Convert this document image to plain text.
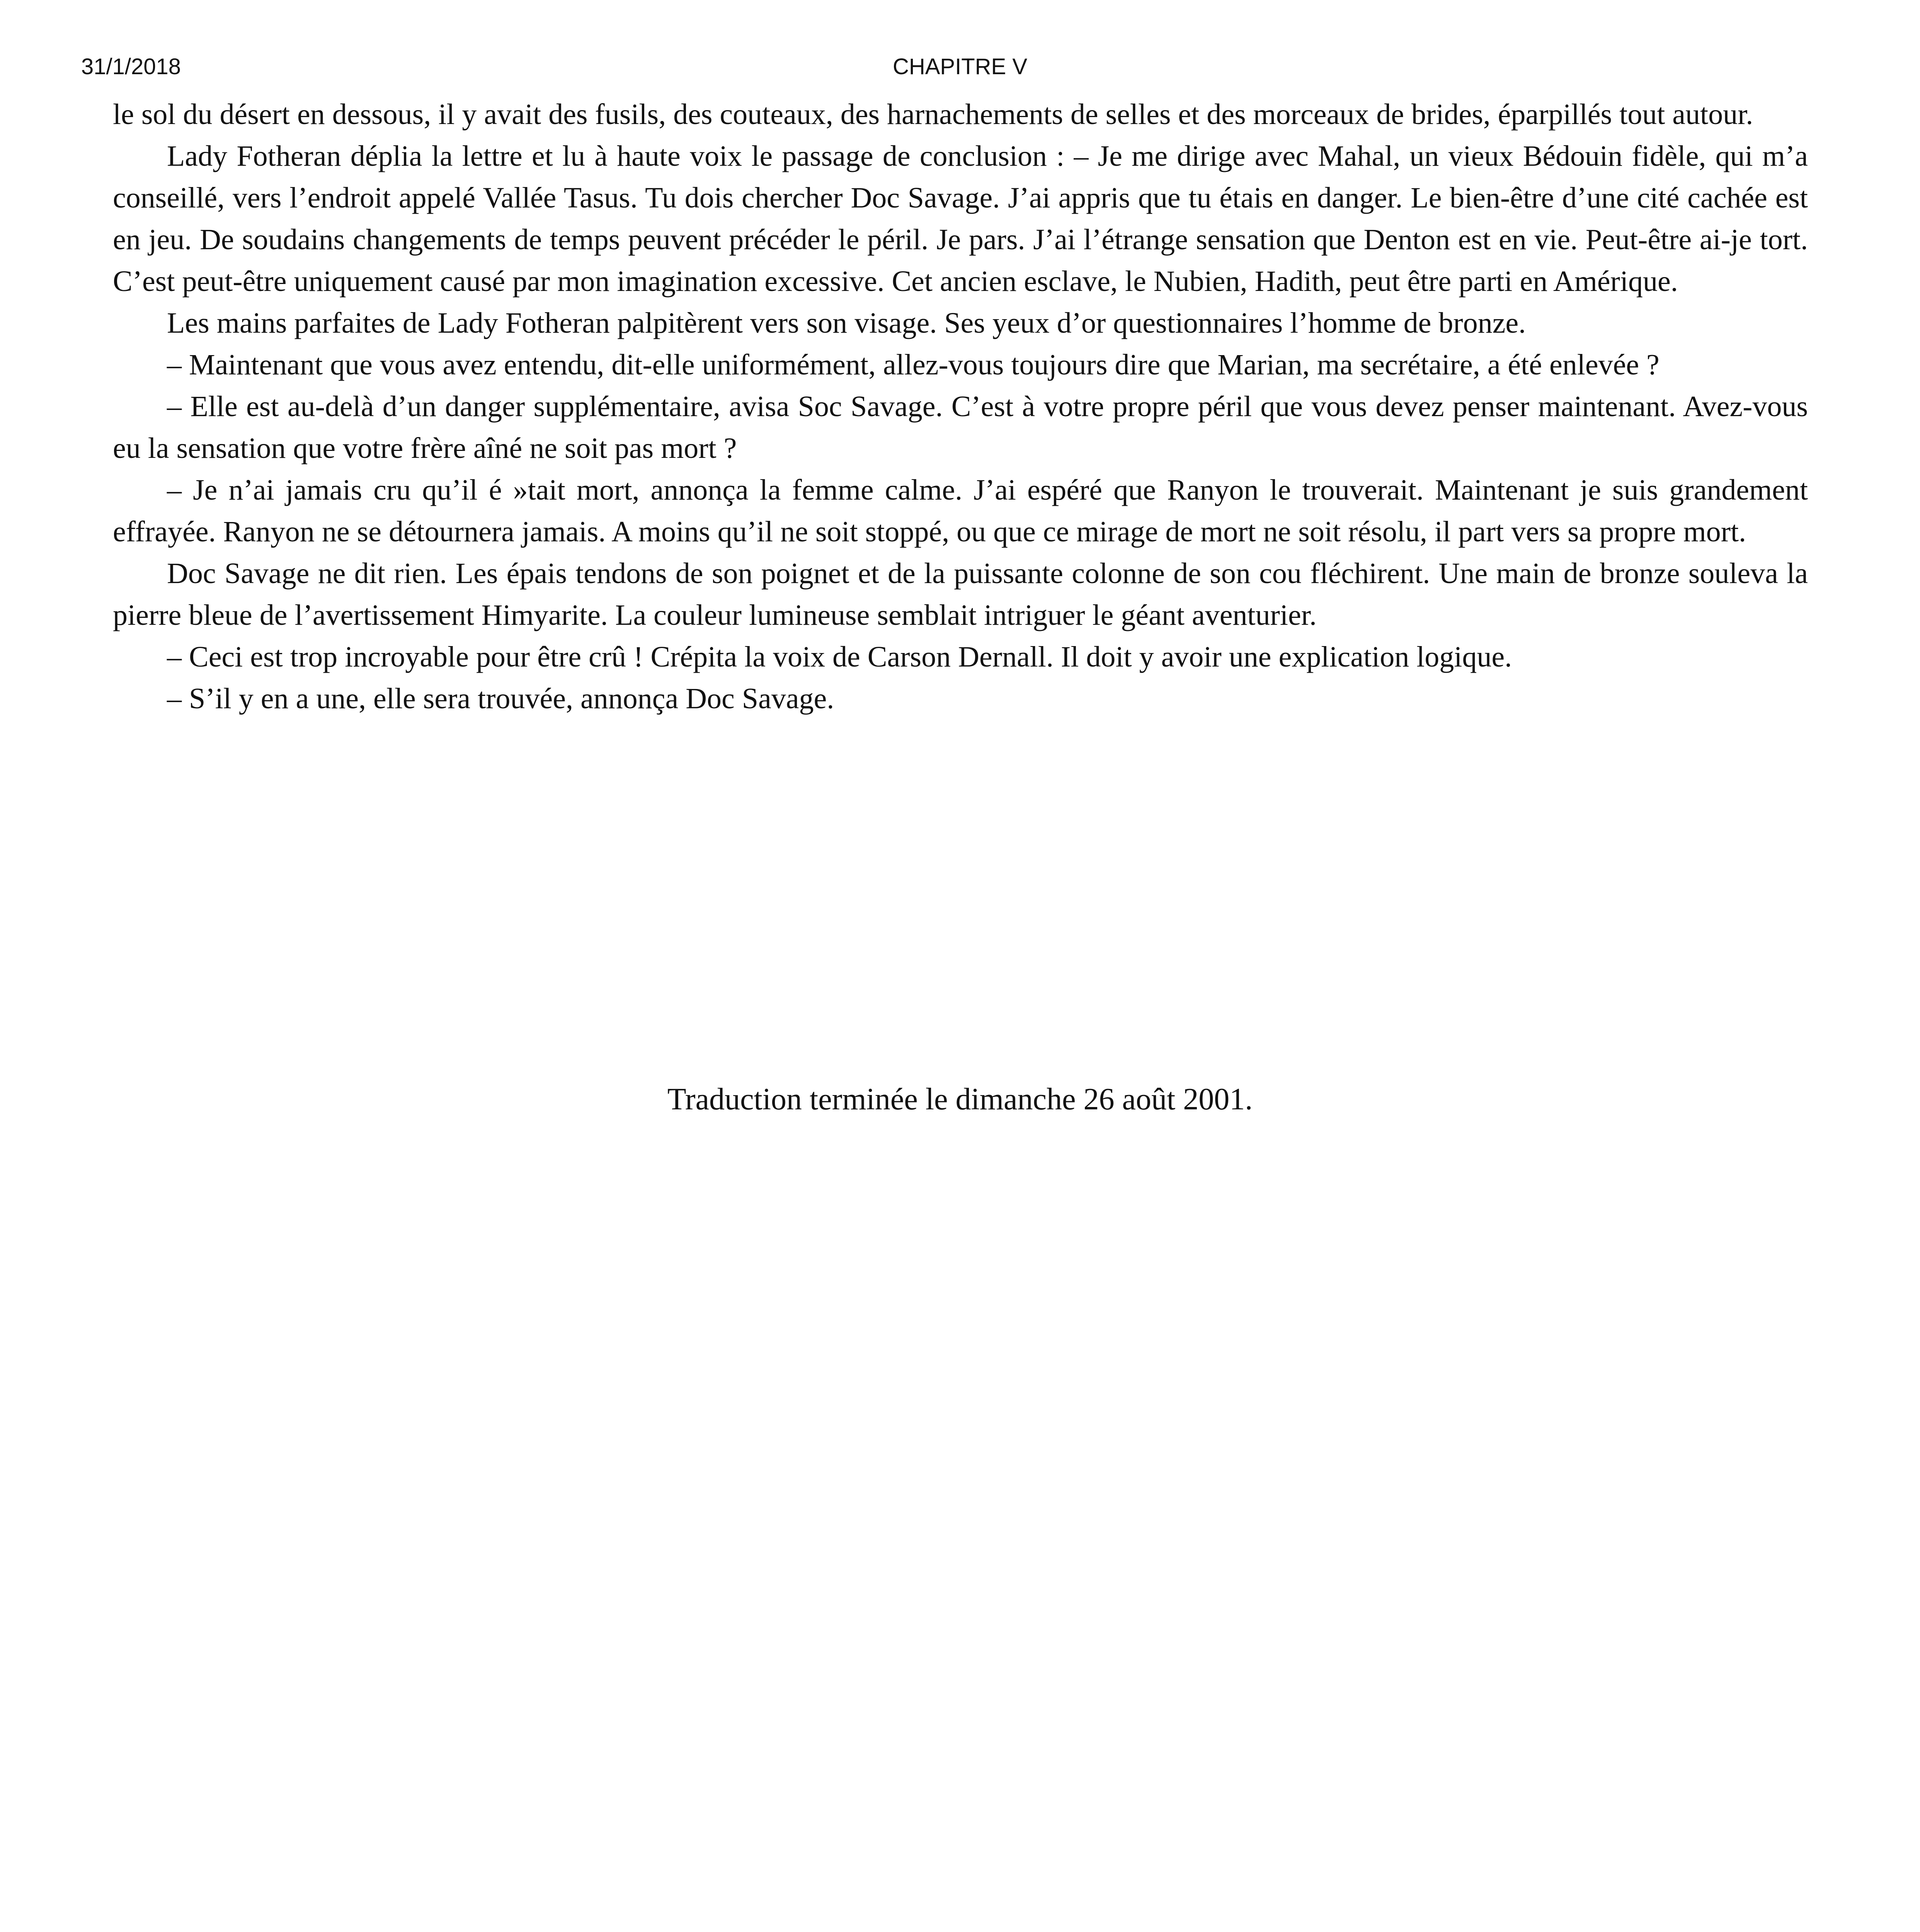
31/1/2018	CHAPITRE V

le sol du désert en dessous, il y avait des fusils, des couteaux, des harnachements de selles et des morceaux de brides, éparpillés tout autour.

Lady Fotheran déplia la lettre et lu à haute voix le passage de conclusion : – Je me dirige avec Mahal, un vieux Bédouin fidèle, qui m’a conseillé, vers l’endroit appelé Vallée Tasus. Tu dois chercher Doc Savage. J’ai appris que tu étais en danger. Le bien-être d’une cité cachée est en jeu. De soudains changements de temps peuvent précéder le péril. Je pars. J’ai l’étrange sensation que Denton est en vie. Peut-être ai-je tort. C’est peut-être uniquement causé par mon imagination excessive. Cet ancien esclave, le Nubien, Hadith, peut être parti en Amérique.

Les mains parfaites de Lady Fotheran palpitèrent vers son visage. Ses yeux d’or questionnaires l’homme de bronze.

– Maintenant que vous avez entendu, dit-elle uniformément, allez-vous toujours dire que Marian, ma secrétaire, a été enlevée ?

– Elle est au-delà d’un danger supplémentaire, avisa Soc Savage. C’est à votre propre péril que vous devez penser maintenant. Avez-vous eu la sensation que votre frère aîné ne soit pas mort ?

– Je n’ai jamais cru qu’il é »tait mort, annonça la femme calme. J’ai espéré que Ranyon le trouverait. Maintenant je suis grandement effrayée. Ranyon ne se détournera jamais. A moins qu’il ne soit stoppé, ou que ce mirage de mort ne soit résolu, il part vers sa propre mort.

Doc Savage ne dit rien. Les épais tendons de son poignet et de la puissante colonne de son cou fléchirent. Une main de bronze souleva la pierre bleue de l’avertissement Himyarite. La couleur lumineuse semblait intriguer le géant aventurier.

– Ceci est trop incroyable pour être crû ! Crépita la voix de Carson Dernall. Il doit y avoir une explication logique.

– S’il y en a une, elle sera trouvée, annonça Doc Savage.

Traduction terminée le dimanche 26 août 2001.
